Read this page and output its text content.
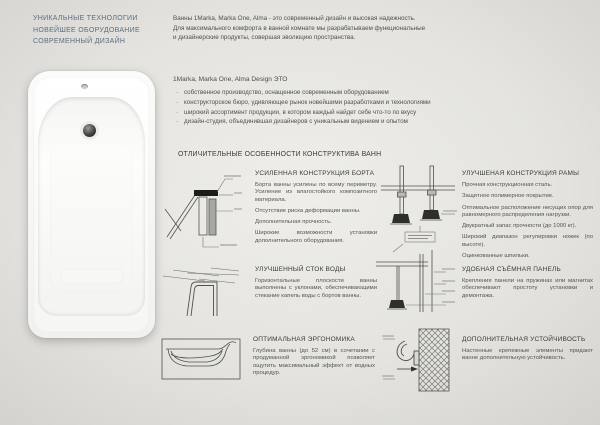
УНИКАЛЬНЫЕ ТЕХНОЛОГИИ
НОВЕЙШЕЕ ОБОРУДОВАНИЕ
СОВРЕМЕННЫЙ ДИЗАЙН
Ванны 1Marka, Marka One, Alma - это современный дизайн и высокая надежность.
Для максимального комфорта в ванной комнате мы разрабатываем функциональные
и дизайнерские продукты, совершая эволюцию пространства.
1Marka, Marka One, Alma Design ЭТО
· собственное производство, оснащенное современным оборудованием
· конструкторское бюро, удивляющее рынок новейшими разработками и технологиями
· широкий ассортимент продукции, в котором каждый найдет себе что-то по вкусу
· дизайн-студия, объединившая дизайнеров с уникальным видением и опытом
ОТЛИЧИТЕЛЬНЫЕ ОСОБЕННОСТИ КОНСТРУКТИВА ВАНН
УСИЛЕННАЯ КОНСТРУКЦИЯ БОРТА

Борта ванны усилены по всему периметру. Усиление из влагостойкого композитного материала.

Отсутствие риска деформации ванны.

Дополнительная прочность.

Широкие возможности установки дополнительного оборудования.

УЛУЧШЕННЫЙ СТОК ВОДЫ

Горизонтальные плоскости ванны выполнены с уклонами, обеспечивающими стекание капель воды с бортов ванны.

ОПТИМАЛЬНАЯ ЭРГОНОМИКА

Глубина ванны (до 52 см) в сочетании с продуманной эргономикой позволяет ощутить максимальный эффект от водных процедур.

УЛУЧШЕНАЯ КОНСТРУКЦИЯ РАМЫ

Прочная конструкционная сталь.

Защитное полимерное покрытие.

Оптимальное расположение несущих опор для равномерного распределения нагрузки.

Двукратный запас прочности (до 1000 кг).

Широкий диапазон регулировки ножек (по высоте).

Оцинкованные шпильки.

УДОБНАЯ СЪЁМНАЯ ПАНЕЛЬ

Крепления панели на пружинах или магнитах обеспечивают простоту установки и демонтажа.

ДОПОЛНИТЕЛЬНАЯ УСТОЙЧИВОСТЬ

Настенные крепежные элементы придают ванне дополнительную устойчивость.
